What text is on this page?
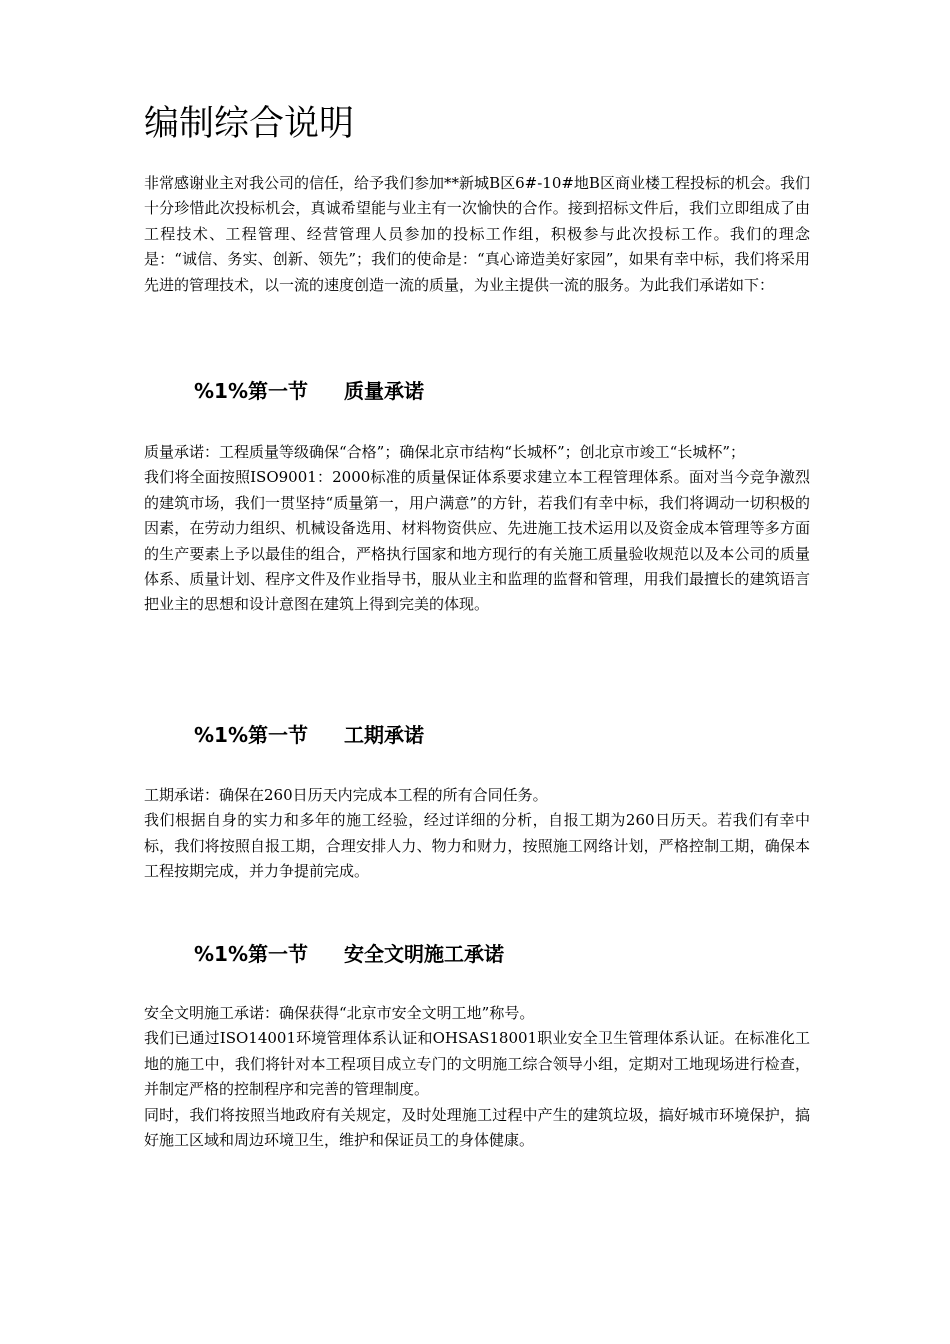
编制综合说明

非常感谢业主对我公司的信任，给予我们参加**新城B区6#-10#地B区商业楼工程投标的机会。我们十分珍惜此次投标机会，真诚希望能与业主有一次愉快的合作。接到招标文件后，我们立即组成了由工程技术、工程管理、经营管理人员参加的投标工作组，积极参与此次投标工作。我们的理念是：“诚信、务实、创新、领先”；我们的使命是：“真心谛造美好家园”，如果有幸中标，我们将采用先进的管理技术，以一流的速度创造一流的质量，为业主提供一流的服务。为此我们承诺如下：

%1%第一节 质量承诺

质量承诺：工程质量等级确保“合格”；确保北京市结构“长城杯”；创北京市竣工“长城杯”；

我们将全面按照ISO9001：2000标准的质量保证体系要求建立本工程管理体系。面对当今竞争激烈的建筑市场，我们一贯坚持“质量第一，用户满意”的方针，若我们有幸中标，我们将调动一切积极的因素，在劳动力组织、机械设备选用、材料物资供应、先进施工技术运用以及资金成本管理等多方面的生产要素上予以最佳的组合，严格执行国家和地方现行的有关施工质量验收规范以及本公司的质量体系、质量计划、程序文件及作业指导书，服从业主和监理的监督和管理，用我们最擅长的建筑语言把业主的思想和设计意图在建筑上得到完美的体现。

%1%第一节 工期承诺

工期承诺：确保在260日历天内完成本工程的所有合同任务。

我们根据自身的实力和多年的施工经验，经过详细的分析，自报工期为260日历天。若我们有幸中标，我们将按照自报工期，合理安排人力、物力和财力，按照施工网络计划，严格控制工期，确保本工程按期完成，并力争提前完成。

%1%第一节 安全文明施工承诺

安全文明施工承诺：确保获得“北京市安全文明工地”称号。

我们已通过ISO14001环境管理体系认证和OHSAS18001职业安全卫生管理体系认证。在标准化工地的施工中，我们将针对本工程项目成立专门的文明施工综合领导小组，定期对工地现场进行检查，并制定严格的控制程序和完善的管理制度。

同时，我们将按照当地政府有关规定，及时处理施工过程中产生的建筑垃圾，搞好城市环境保护，搞好施工区域和周边环境卫生，维护和保证员工的身体健康。
